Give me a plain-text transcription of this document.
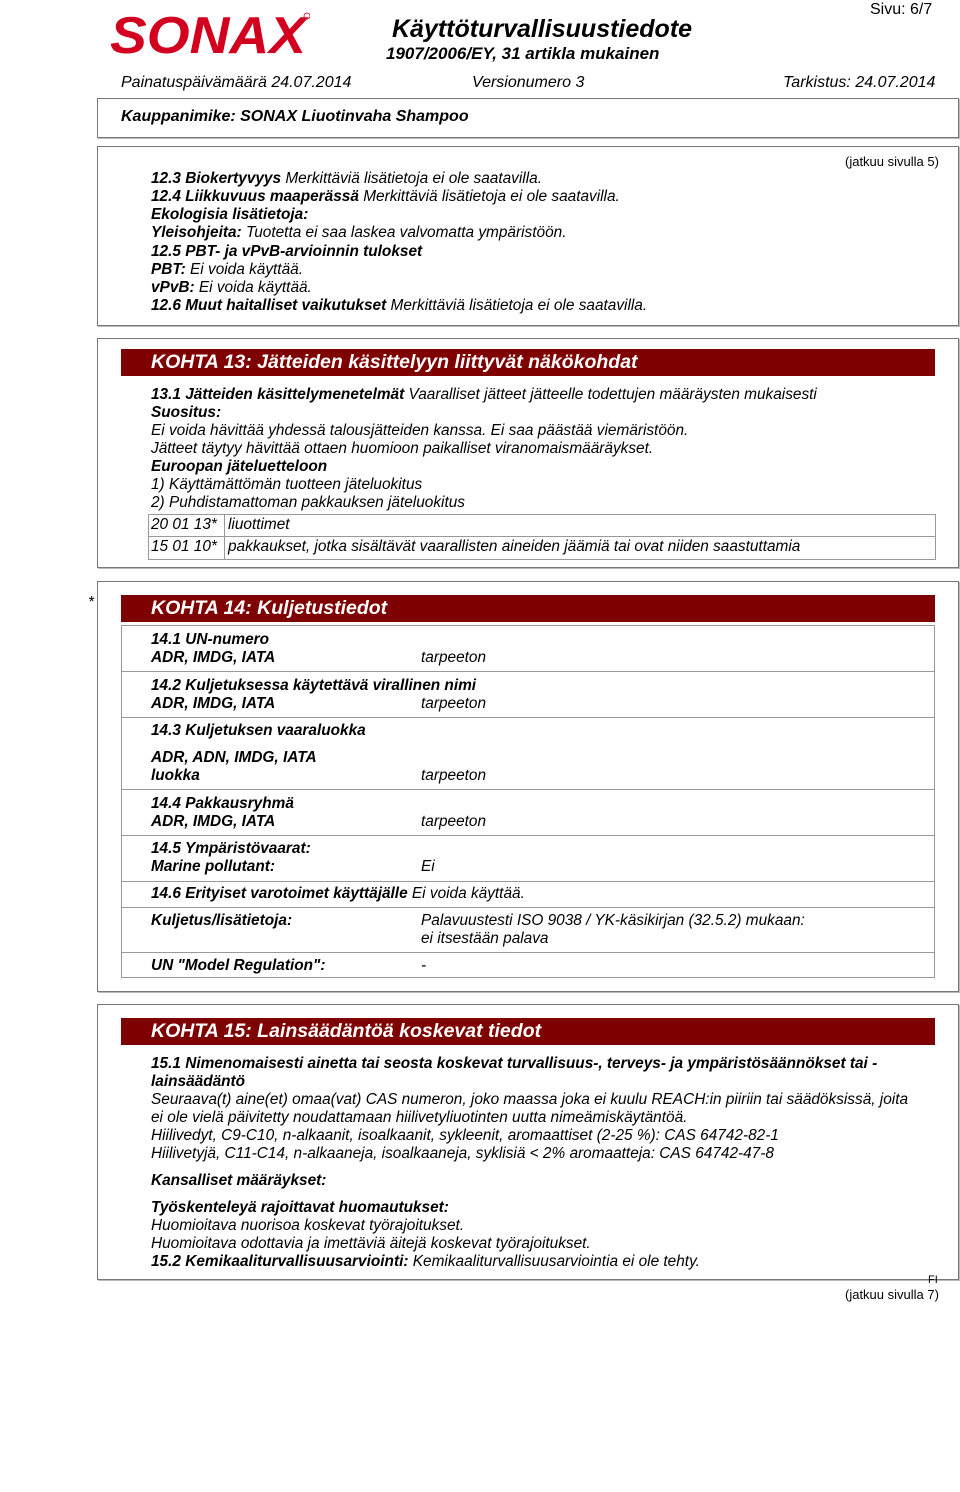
SONAX	Käyttöturvallisuustiedote
1907/2006/EY, 31 artikla mukainen
Sivu: 6/7
Painatuspäivämäärä 24.07.2014	Versionumero 3	Tarkistus: 24.07.2014
Kauppanimike: SONAX Liuotinvaha Shampoo
(jatkuu sivulla 5)
12.3 Biokertyvyys Merkittäviä lisätietoja ei ole saatavilla.
12.4 Liikkuvuus maaperässä Merkittäviä lisätietoja ei ole saatavilla.
Ekologisia lisätietoja:
Yleisohjeita: Tuotetta ei saa laskea valvomatta ympäristöön.
12.5 PBT- ja vPvB-arvioinnin tulokset
PBT: Ei voida käyttää.
vPvB: Ei voida käyttää.
12.6 Muut haitalliset vaikutukset Merkittäviä lisätietoja ei ole saatavilla.
KOHTA 13: Jätteiden käsittelyyn liittyvät näkökohdat
13.1 Jätteiden käsittelymenetelmät Vaaralliset jätteet jätteelle todettujen määräysten mukaisesti
Suositus:
Ei voida hävittää yhdessä talousjätteiden kanssa. Ei saa päästää viemäristöön.
Jätteet täytyy hävittää ottaen huomioon paikalliset viranomaismääräykset.
Euroopan jäteluetteloon
1) Käyttämättömän tuotteen jäteluokitus
2) Puhdistamattoman pakkauksen jäteluokitus
20 01 13* liuottimet
15 01 10* pakkaukset, jotka sisältävät vaarallisten aineiden jäämiä tai ovat niiden saastuttamia
*	KOHTA 14: Kuljetustiedot
14.1 UN-numero
ADR, IMDG, IATA	tarpeeton
14.2 Kuljetuksessa käytettävä virallinen nimi
ADR, IMDG, IATA	tarpeeton
14.3 Kuljetuksen vaaraluokka
ADR, ADN, IMDG, IATA
luokka	tarpeeton
14.4 Pakkausryhmä
ADR, IMDG, IATA	tarpeeton
14.5 Ympäristövaarat:
Marine pollutant:	Ei
14.6 Erityiset varotoimet käyttäjälle Ei voida käyttää.
Kuljetus/lisätietoja:	Palavuustesti ISO 9038 / YK-käsikirjan (32.5.2) mukaan:
ei itsestään palava
UN "Model Regulation":	-
KOHTA 15: Lainsäädäntöä koskevat tiedot
15.1 Nimenomaisesti ainetta tai seosta koskevat turvallisuus-, terveys- ja ympäristösäännökset tai -
lainsäädäntö
Seuraava(t) aine(et) omaa(vat) CAS numeron, joko maassa joka ei kuulu REACH:in piiriin tai säädöksissä, joita
ei ole vielä päivitetty noudattamaan hiilivetyliuotinten uutta nimeämiskäytäntöä.
Hiilivedyt, C9-C10, n-alkaanit, isoalkaanit, sykleenit, aromaattiset (2-25 %): CAS 64742-82-1
Hiilivetyjä, C11-C14, n-alkaaneja, isoalkaaneja, syklisiä < 2% aromaatteja: CAS 64742-47-8
Kansalliset määräykset:
Työskenteleyä rajoittavat huomautukset:
Huomioitava nuorisoa koskevat työrajoitukset.
Huomioitava odottavia ja imettäviä äitejä koskevat työrajoitukset.
15.2 Kemikaaliturvallisuusarviointi: Kemikaaliturvallisuusarviointia ei ole tehty.
FI
(jatkuu sivulla 7)
